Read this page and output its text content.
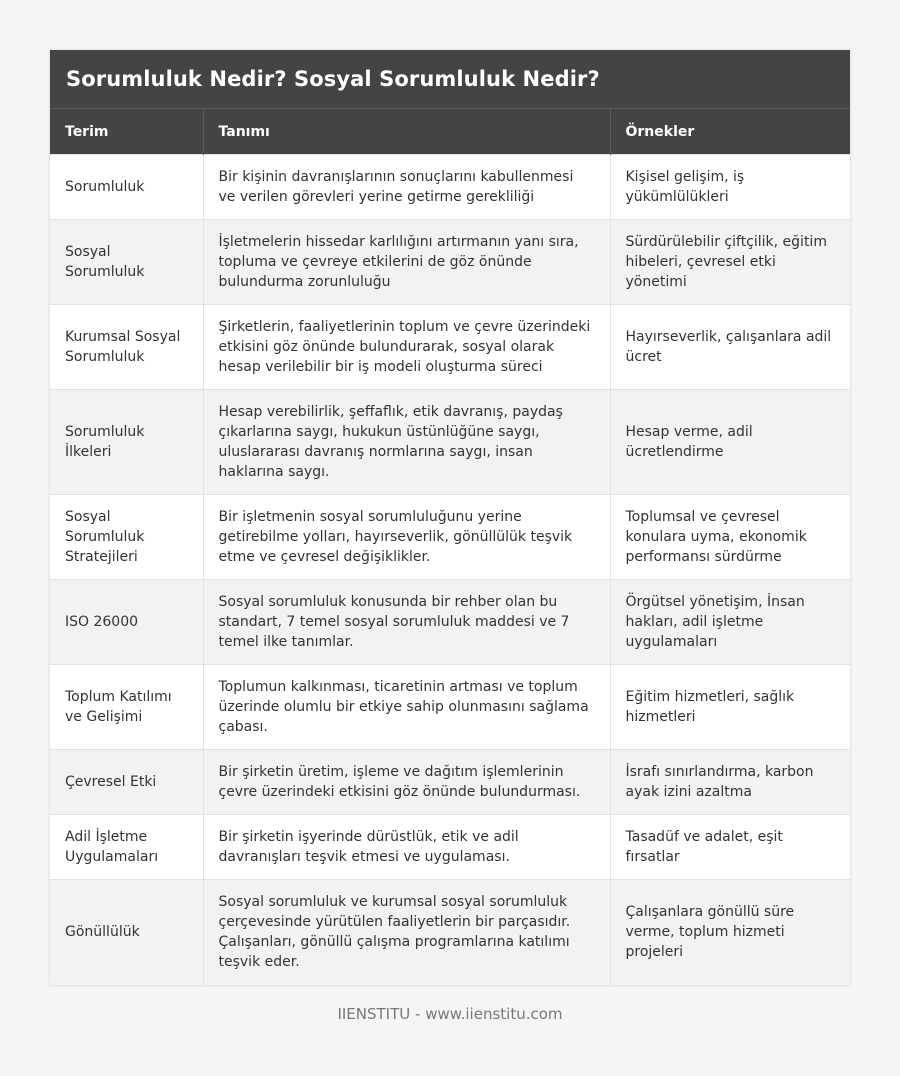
Sorumluluk Nedir? Sosyal Sorumluluk Nedir?
Terim	Tanımı	Örnekler
Sorumluluk	Bir kişinin davranışlarının sonuçlarını kabullenmesi ve verilen görevleri yerine getirme gerekliliği	Kişisel gelişim, iş yükümlülükleri
Sosyal Sorumluluk	İşletmelerin hissedar karlılığını artırmanın yanı sıra, topluma ve çevreye etkilerini de göz önünde bulundurma zorunluluğu	Sürdürülebilir çiftçilik, eğitim hibeleri, çevresel etki yönetimi
Kurumsal Sosyal Sorumluluk	Şirketlerin, faaliyetlerinin toplum ve çevre üzerindeki etkisini göz önünde bulundurarak, sosyal olarak hesap verilebilir bir iş modeli oluşturma süreci	Hayırseverlik, çalışanlara adil ücret
Sorumluluk İlkeleri	Hesap verebilirlik, şeffaflık, etik davranış, paydaş çıkarlarına saygı, hukukun üstünlüğüne saygı, uluslararası davranış normlarına saygı, insan haklarına saygı.	Hesap verme, adil ücretlendirme
Sosyal Sorumluluk Stratejileri	Bir işletmenin sosyal sorumluluğunu yerine getirebilme yolları, hayırseverlik, gönüllülük teşvik etme ve çevresel değişiklikler.	Toplumsal ve çevresel konulara uyma, ekonomik performansı sürdürme
ISO 26000	Sosyal sorumluluk konusunda bir rehber olan bu standart, 7 temel sosyal sorumluluk maddesi ve 7 temel ilke tanımlar.	Örgütsel yönetişim, İnsan hakları, adil işletme uygulamaları
Toplum Katılımı ve Gelişimi	Toplumun kalkınması, ticaretinin artması ve toplum üzerinde olumlu bir etkiye sahip olunmasını sağlama çabası.	Eğitim hizmetleri, sağlık hizmetleri
Çevresel Etki	Bir şirketin üretim, işleme ve dağıtım işlemlerinin çevre üzerindeki etkisini göz önünde bulundurması.	İsrafı sınırlandırma, karbon ayak izini azaltma
Adil İşletme Uygulamaları	Bir şirketin işyerinde dürüstlük, etik ve adil davranışları teşvik etmesi ve uygulaması.	Tasadüf ve adalet, eşit fırsatlar
Gönüllülük	Sosyal sorumluluk ve kurumsal sosyal sorumluluk çerçevesinde yürütülen faaliyetlerin bir parçasıdır. Çalışanları, gönüllü çalışma programlarına katılımı teşvik eder.	Çalışanlara gönüllü süre verme, toplum hizmeti projeleri
IIENSTITU - www.iienstitu.com
